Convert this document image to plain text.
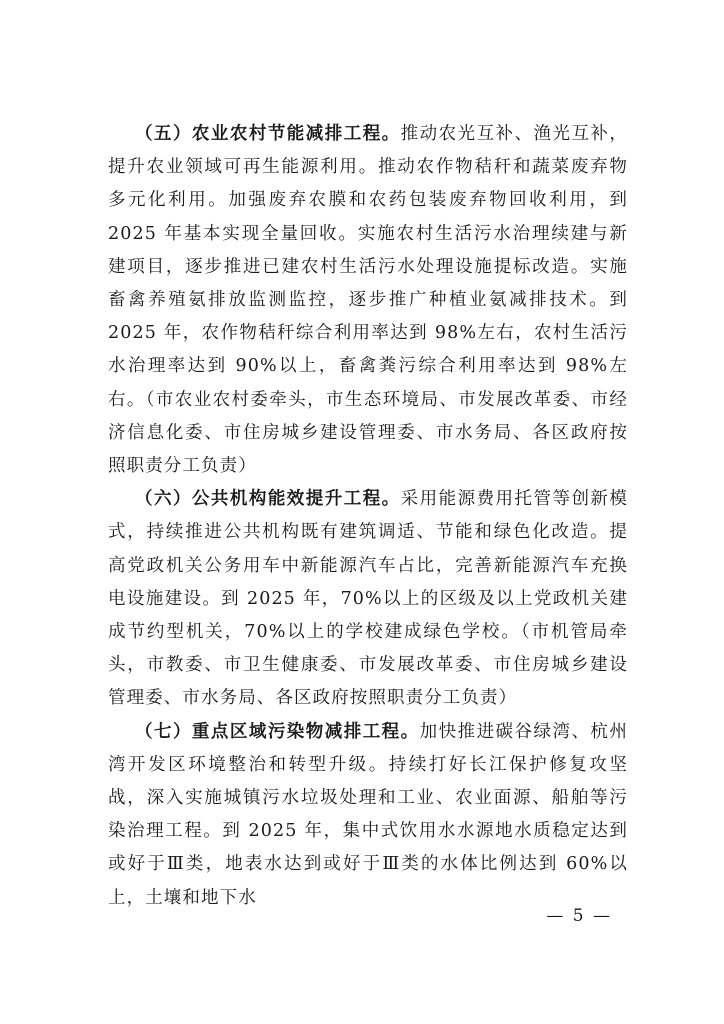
（五）农业农村节能减排工程。推动农光互补、渔光互补，提升农业领域可再生能源利用。推动农作物秸秆和蔬菜废弃物多元化利用。加强废弃农膜和农药包装废弃物回收利用，到 2025 年基本实现全量回收。实施农村生活污水治理续建与新建项目，逐步推进已建农村生活污水处理设施提标改造。实施畜禽养殖氨排放监测监控，逐步推广种植业氨减排技术。到 2025 年，农作物秸秆综合利用率达到 98%左右，农村生活污水治理率达到 90%以上，畜禽粪污综合利用率达到 98%左右。（市农业农村委牵头，市生态环境局、市发展改革委、市经济信息化委、市住房城乡建设管理委、市水务局、各区政府按照职责分工负责）

（六）公共机构能效提升工程。采用能源费用托管等创新模式，持续推进公共机构既有建筑调适、节能和绿色化改造。提高党政机关公务用车中新能源汽车占比，完善新能源汽车充换电设施建设。到 2025 年，70%以上的区级及以上党政机关建成节约型机关，70%以上的学校建成绿色学校。（市机管局牵头，市教委、市卫生健康委、市发展改革委、市住房城乡建设管理委、市水务局、各区政府按照职责分工负责）

（七）重点区域污染物减排工程。加快推进碳谷绿湾、杭州湾开发区环境整治和转型升级。持续打好长江保护修复攻坚战，深入实施城镇污水垃圾处理和工业、农业面源、船舶等污染治理工程。到 2025 年，集中式饮用水水源地水质稳定达到或好于Ⅲ类，地表水达到或好于Ⅲ类的水体比例达到 60%以上，土壤和地下水

— 5 —
